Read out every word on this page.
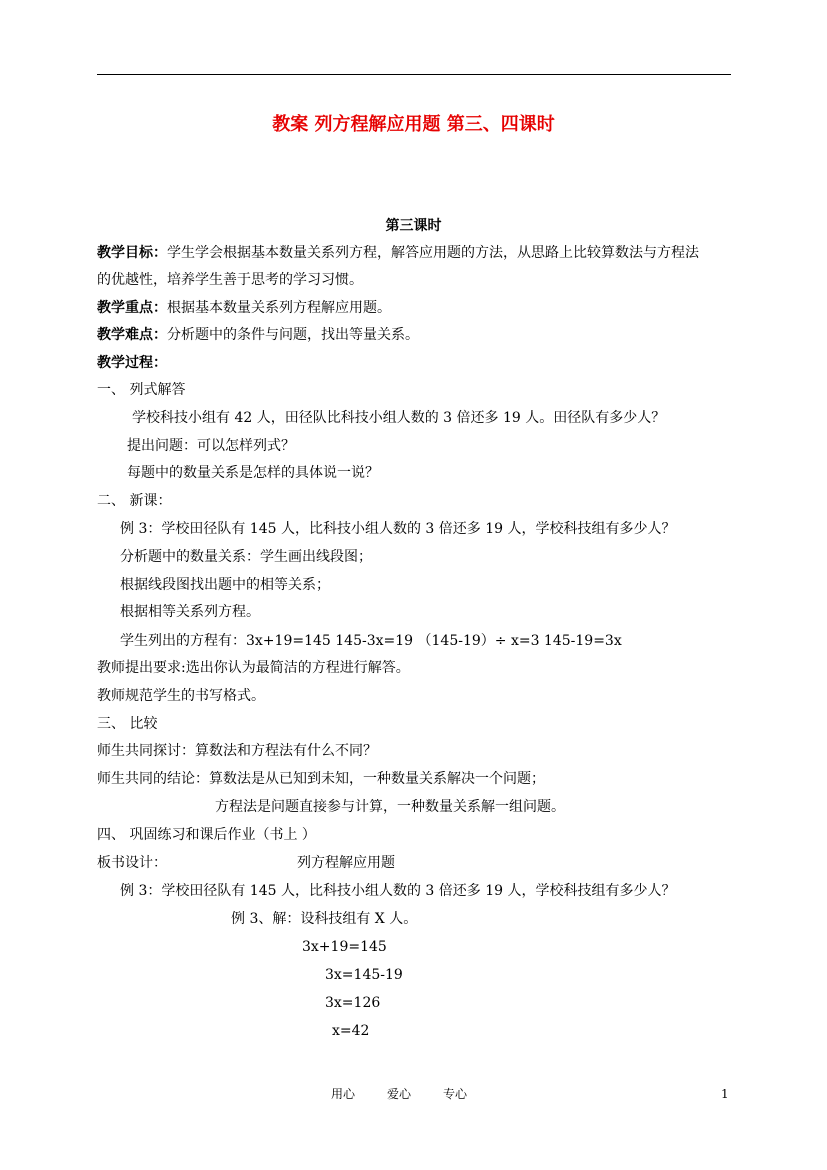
教案 列方程解应用题 第三、四课时
第三课时
教学目标：学生学会根据基本数量关系列方程，解答应用题的方法，从思路上比较算数法与方程法
的优越性，培养学生善于思考的学习习惯。
教学重点：根据基本数量关系列方程解应用题。
教学难点：分析题中的条件与问题，找出等量关系。
教学过程：
一、 列式解答
学校科技小组有 42 人，田径队比科技小组人数的 3 倍还多 19 人。田径队有多少人？
提出问题：可以怎样列式？
每题中的数量关系是怎样的具体说一说？
二、 新课：
例 3：学校田径队有 145 人，比科技小组人数的 3 倍还多 19 人，学校科技组有多少人？
分析题中的数量关系：学生画出线段图；
根据线段图找出题中的相等关系；
根据相等关系列方程。
学生列出的方程有：3x+19=145 145-3x=19 （145-19）÷ x=3 145-19=3x
教师提出要求:选出你认为最简洁的方程进行解答。
教师规范学生的书写格式。
三、 比较
师生共同探讨：算数法和方程法有什么不同？
师生共同的结论：算数法是从已知到未知，一种数量关系解决一个问题；
方程法是问题直接参与计算，一种数量关系解一组问题。
四、 巩固练习和课后作业（书上 ）
板书设计：	列方程解应用题
例 3：学校田径队有 145 人，比科技小组人数的 3 倍还多 19 人，学校科技组有多少人？
例 3、解：设科技组有 X 人。
3x+19=145
3x=145-19
3x=126
x=42
用心	爱心	专心	1
